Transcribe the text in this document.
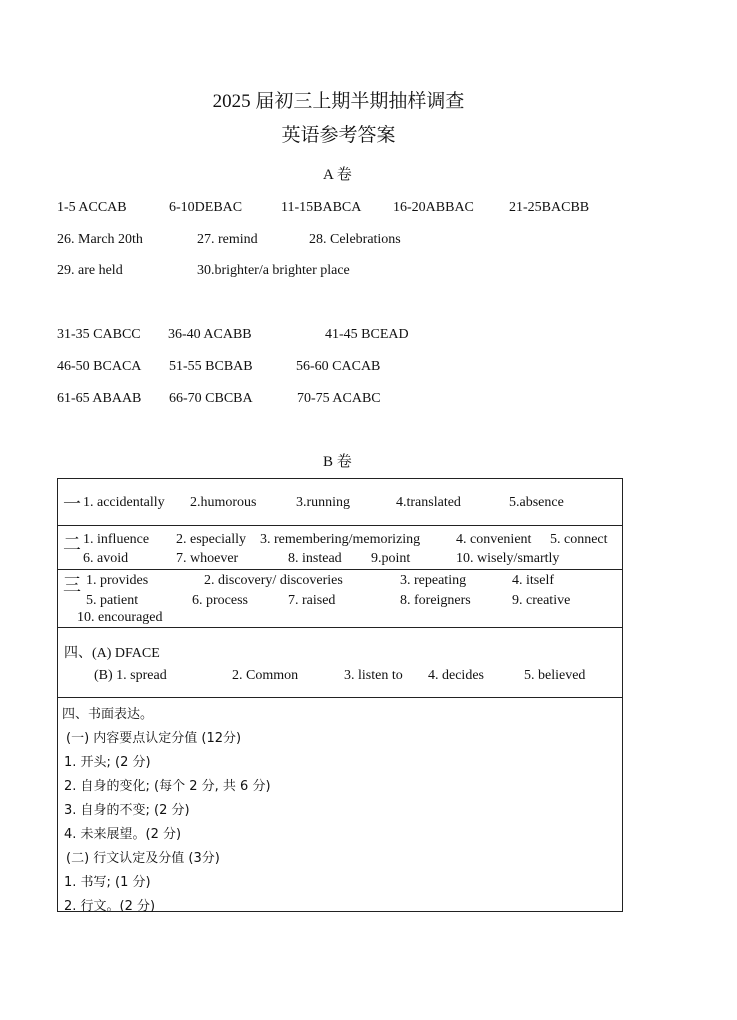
2025 届初三上期半期抽样调查
英语参考答案
A 卷
1-5 ACCAB	6-10DEBAC	11-15BABCA 16-20ABBAC	21-25BACBB
26. March 20th	27. remind	28. Celebrations
29. are held	30.brighter/a brighter place
31-35 CABCC 36-40 ACABB	41-45 BCEAD
46-50 BCACA 51-55 BCBAB	56-60 CACAB
61-65 ABAAB 66-70 CBCBA	70-75 ACABC
B 卷
一 1. accidentally 2.humorous	3.running	4.translated	5.absence
二 1. influence 2. especially 3. remembering/memorizing	4. convenient 5. connect
6. avoid	7. whoever	8. instead 9.point	10. wisely/smartly
三 1. provides	2. discovery/ discoveries	3. repeating	4. itself
5. patient	6. process	7. raised	8. foreigners	9. creative
10. encouraged
四、(A) DFACE
(B) 1. spread	2. Common	3. listen to 4. decides	5. believed
四、书面表达。
(一) 内容要点认定分值 (12分)
1. 开头; (2 分)
2. 自身的变化; (每个 2 分, 共 6 分)
3. 自身的不变; (2 分)
4. 未来展望。(2 分)
(二) 行文认定及分值 (3分)
1. 书写; (1 分)
2. 行文。(2 分)
